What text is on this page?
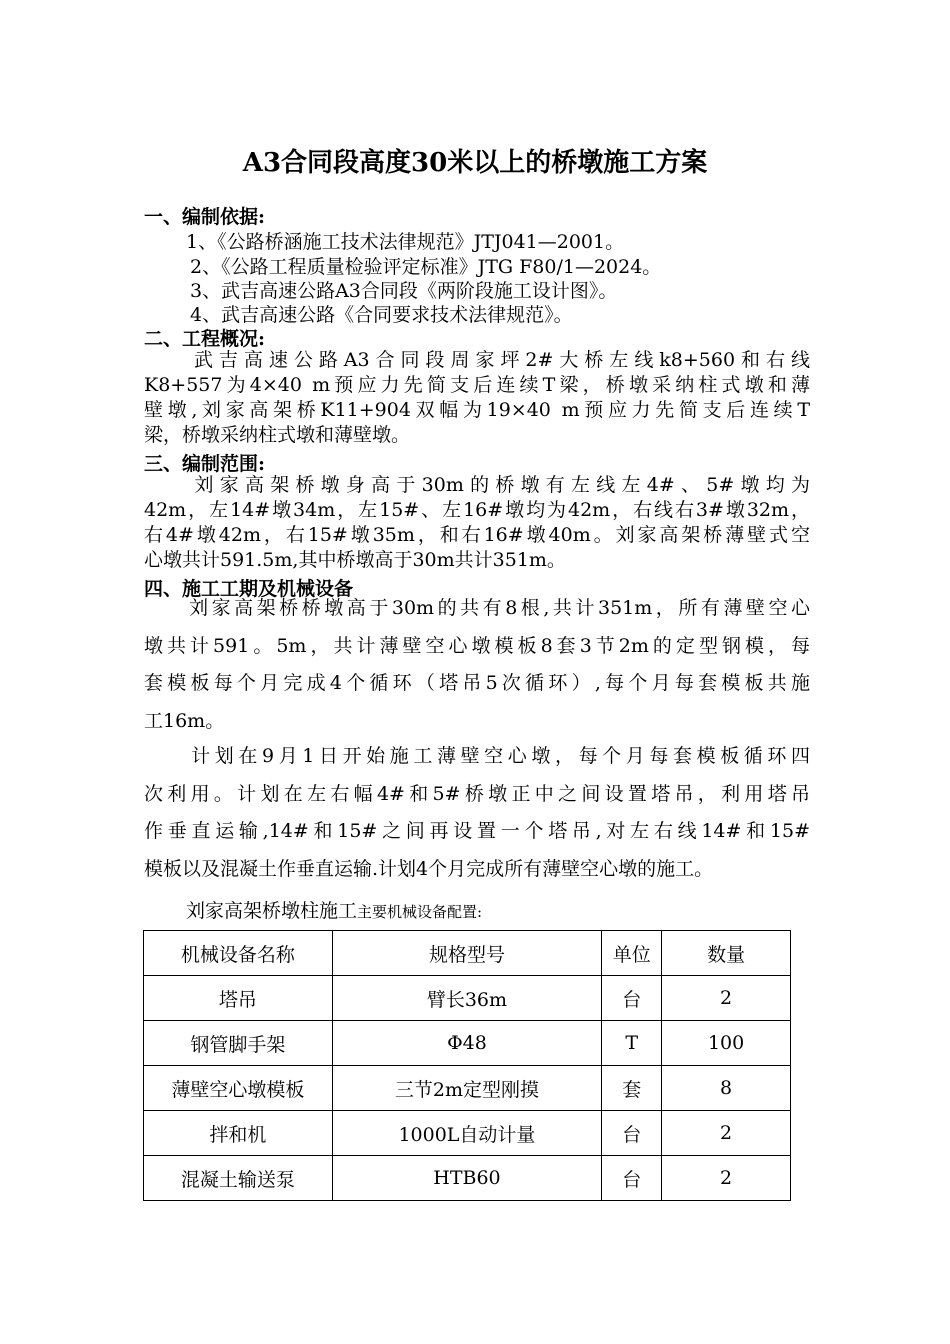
A3合同段高度30米以上的桥墩施工方案
一、编制依据:
1、《公路桥涵施工技术法律规范》JTJ041—2001。
2、《公路工程质量检验评定标准》JTG F80/1—2024。
3、武吉高速公路A3合同段《两阶段施工设计图》。
4、武吉高速公路《合同要求技术法律规范》。
二、工程概况:
　　武吉高速公路A3合同段周家坪2#大桥左线k8+560和右线
K8+557为4×40 m预应力先简支后连续T梁，桥墩采纳柱式墩和薄
壁墩,刘家高架桥K11+904双幅为19×40 m预应力先简支后连续T
梁，桥墩采纳柱式墩和薄壁墩。
三、编制范围:
　　刘家高架桥墩身高于30m的桥墩有左线左4#、5#墩均为
42m，左14#墩34m，左15#、左16#墩均为42m，右线右3#墩32m，
右4#墩42m，右15#墩35m，和右16#墩40m。刘家高架桥薄壁式空
心墩共计591.5m,其中桥墩高于30m共计351m。
四、施工工期及机械设备
　　刘家高架桥桥墩高于30m的共有8根,共计351m，所有薄壁空心
墩共计591。5m，共计薄壁空心墩模板8套3节2m的定型钢模，每
套模板每个月完成4个循环（塔吊5次循环）,每个月每套模板共施
工16m。
　　计划在9月1日开始施工薄壁空心墩，每个月每套模板循环四
次利用。计划在左右幅4#和5#桥墩正中之间设置塔吊，利用塔吊
作垂直运输,14#和15#之间再设置一个塔吊,对左右线14#和15#
模板以及混凝土作垂直运输.计划4个月完成所有薄壁空心墩的施工。
刘家高架桥墩柱施工主要机械设备配置:
机械设备名称	规格型号	单位	数量
塔吊	臂长36m	台	2
钢管脚手架	Φ48	T	100
薄壁空心墩模板	三节2m定型刚摸	套	8
拌和机	1000L自动计量	台	2
混凝土输送泵	HTB60	台	2
